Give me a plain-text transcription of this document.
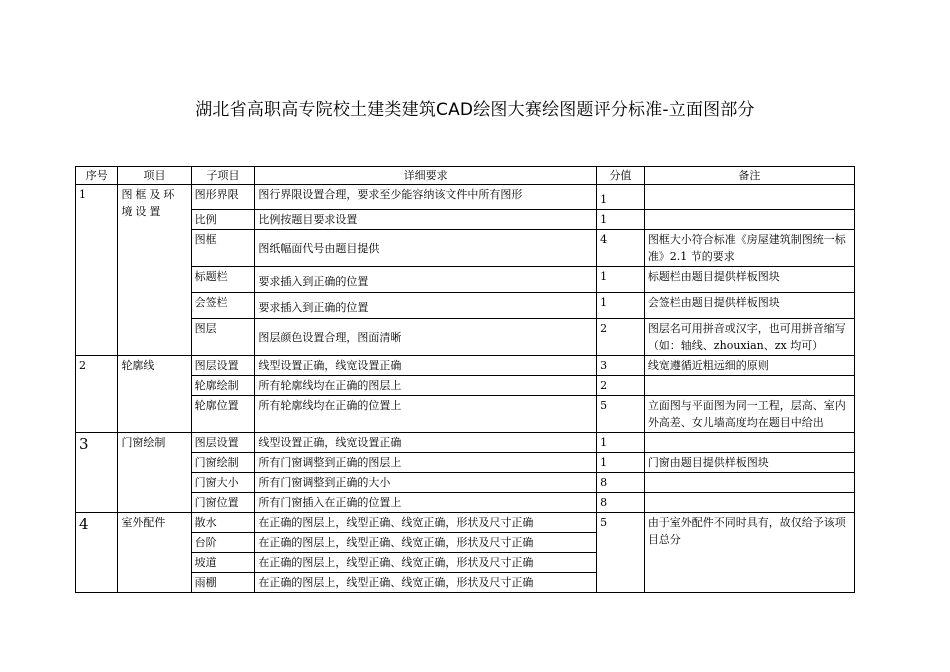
湖北省高职高专院校土建类建筑CAD绘图大赛绘图题评分标准-立面图部分
序号	项目	子项目	详细要求	分值	备注
1	图框及环境设置	图形界限	图行界限设置合理，要求至少能容纳该文件中所有图形	1	
		比例	比例按题目要求设置	1	
		图框	图纸幅面代号由题目提供	4	图框大小符合标准《房屋建筑制图统一标准》2.1 节的要求
		标题栏	要求插入到正确的位置	1	标题栏由题目提供样板图块
		会签栏	要求插入到正确的位置	1	会签栏由题目提供样板图块
		图层	图层颜色设置合理，图面清晰	2	图层名可用拼音或汉字，也可用拼音缩写（如：轴线、zhouxian、zx 均可）
2	轮廓线	图层设置	线型设置正确，线宽设置正确	3	线宽遵循近粗远细的原则
		轮廓绘制	所有轮廓线均在正确的图层上	2	
		轮廓位置	所有轮廓线均在正确的位置上	5	立面图与平面图为同一工程，层高、室内外高差、女儿墙高度均在题目中给出
3	门窗绘制	图层设置	线型设置正确，线宽设置正确	1	
		门窗绘制	所有门窗调整到正确的图层上	1	门窗由题目提供样板图块
		门窗大小	所有门窗调整到正确的大小	8	
		门窗位置	所有门窗插入在正确的位置上	8	
4	室外配件	散水	在正确的图层上，线型正确、线宽正确，形状及尺寸正确	5	由于室外配件不同时具有，故仅给予该项目总分
		台阶	在正确的图层上，线型正确、线宽正确，形状及尺寸正确		
		坡道	在正确的图层上，线型正确、线宽正确，形状及尺寸正确		
		雨棚	在正确的图层上，线型正确、线宽正确，形状及尺寸正确		
